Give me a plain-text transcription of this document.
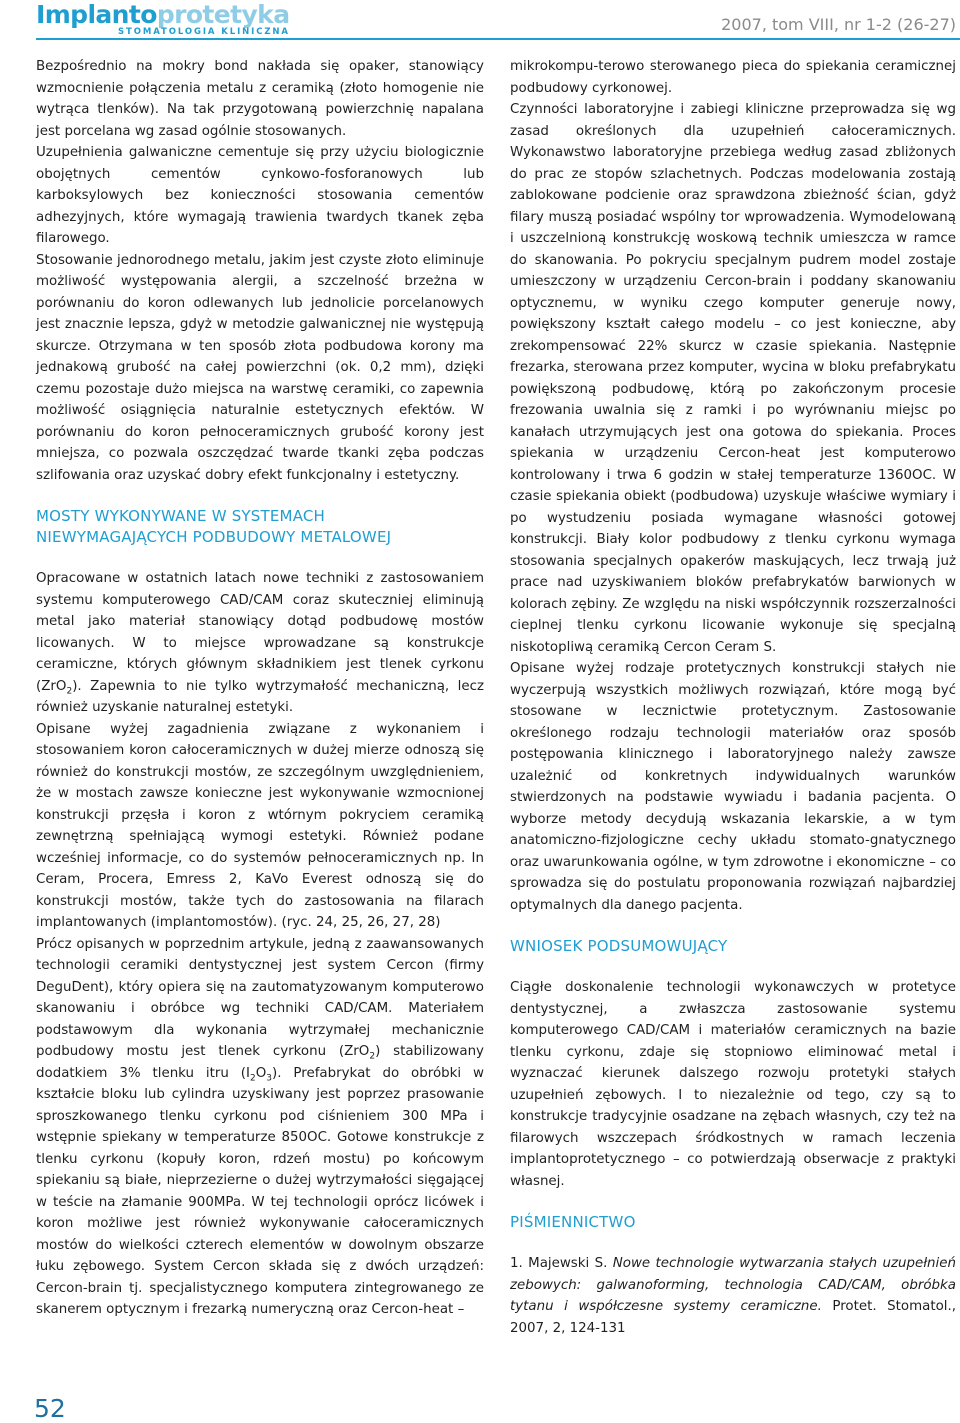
Implantoprotetyka
STOMATOLOGIA KLINICZNA	2007, tom VIII, nr 1-2 (26-27)

Bezpośrednio na mokry bond nakłada się opaker, stanowiący wzmocnienie połączenia metalu z ceramiką (złoto homogenie nie wytrąca tlenków). Na tak przygotowaną powierzchnię napalana jest porcelana wg zasad ogólnie stosowanych.

Uzupełnienia galwaniczne cementuje się przy użyciu biologicznie obojętnych cementów cynkowo-fosforanowych lub karboksylowych bez konieczności stosowania cementów adhezyjnych, które wymagają trawienia twardych tkanek zęba filarowego.

Stosowanie jednorodnego metalu, jakim jest czyste złoto eliminuje możliwość występowania alergii, a szczelność brzeżna w porównaniu do koron odlewanych lub jednolicie porcelanowych jest znacznie lepsza, gdyż w metodzie galwanicznej nie występują skurcze. Otrzymana w ten sposób złota podbudowa korony ma jednakową grubość na całej powierzchni (ok. 0,2 mm), dzięki czemu pozostaje dużo miejsca na warstwę ceramiki, co zapewnia możliwość osiągnięcia naturalnie estetycznych efektów. W porównaniu do koron pełnoceramicznych grubość korony jest mniejsza, co pozwala oszczędzać twarde tkanki zęba podczas szlifowania oraz uzyskać dobry efekt funkcjonalny i estetyczny.

MOSTY WYKONYWANE W SYSTEMACH
NIEWYMAGAJĄCYCH PODBUDOWY METALOWEJ

Opracowane w ostatnich latach nowe techniki z zastosowaniem systemu komputerowego CAD/CAM coraz skuteczniej eliminują metal jako materiał stanowiący dotąd podbudowę mostów licowanych. W to miejsce wprowadzane są konstrukcje ceramiczne, których głównym składnikiem jest tlenek cyrkonu (ZrO$_2$). Zapewnia to nie tylko wytrzymałość mechaniczną, lecz również uzyskanie naturalnej estetyki.

Opisane wyżej zagadnienia związane z wykonaniem i stosowaniem koron całoceramicznych w dużej mierze odnoszą się również do konstrukcji mostów, ze szczególnym uwzględnieniem, że w mostach zawsze konieczne jest wykonywanie wzmocnionej konstrukcji przęsła i koron z wtórnym pokryciem ceramiką zewnętrzną spełniającą wymogi estetyki. Również podane wcześniej informacje, co do systemów pełnoceramicznych np. In Ceram, Procera, Emress 2, KaVo Everest odnoszą się do konstrukcji mostów, także tych do zastosowania na filarach implantowanych (implantomostów). (ryc. 24, 25, 26, 27, 28)

Prócz opisanych w poprzednim artykule, jedną z zaawansowanych technologii ceramiki dentystycznej jest system Cercon (firmy DeguDent), który opiera się na zautomatyzowanym komputerowo skanowaniu i obróbce wg techniki CAD/CAM. Materiałem podstawowym dla wykonania wytrzymałej mechanicznie podbudowy mostu jest tlenek cyrkonu (ZrO$_2$) stabilizowany dodatkiem 3% tlenku itru $(I_2O_3)$. Prefabrykat do obróbki w kształcie bloku lub cylindra uzyskiwany jest poprzez prasowanie sproszkowanego tlenku cyrkonu pod ciśnieniem 300 MPa i wstępnie spiekany w temperaturze 850OC. Gotowe konstrukcje z tlenku cyrkonu (kopuły koron, rdzeń mostu) po końcowym spiekaniu są białe, nieprzezierne o dużej wytrzymałości sięgającej w teście na złamanie 900MPa. W tej technologii oprócz licówek i koron możliwe jest również wykonywanie całoceramicznych mostów do wielkości czterech elementów w dowolnym obszarze łuku zębowego. System Cercon składa się z dwóch urządzeń: Cercon-brain tj. specjalistycznego komputera zintegrowanego ze skanerem optycznym i frezarką numeryczną oraz Cercon-heat –

mikrokompu-terowo sterowanego pieca do spiekania ceramicznej podbudowy cyrkonowej.

Czynności laboratoryjne i zabiegi kliniczne przeprowadza się wg zasad określonych dla uzupełnień całoceramicznych. Wykonawstwo laboratoryjne przebiega według zasad zbliżonych do prac ze stopów szlachetnych. Podczas modelowania zostają zablokowane podcienie oraz sprawdzona zbieżność ścian, gdyż filary muszą posiadać wspólny tor wprowadzenia. Wymodelowaną i uszczelnioną konstrukcję woskową technik umieszcza w ramce do skanowania. Po pokryciu specjalnym pudrem model zostaje umieszczony w urządzeniu Cercon-brain i poddany skanowaniu optycznemu, w wyniku czego komputer generuje nowy, powiększony kształt całego modelu – co jest konieczne, aby zrekompensować 22% skurcz w czasie spiekania. Następnie frezarka, sterowana przez komputer, wycina w bloku prefabrykatu powiększoną podbudowę, którą po zakończonym procesie frezowania uwalnia się z ramki i po wyrównaniu miejsc po kanałach utrzymujących jest ona gotowa do spiekania. Proces spiekania w urządzeniu Cercon-heat jest komputerowo kontrolowany i trwa 6 godzin w stałej temperaturze 1360OC. W czasie spiekania obiekt (podbudowa) uzyskuje właściwe wymiary i po wystudzeniu posiada wymagane własności gotowej konstrukcji. Biały kolor podbudowy z tlenku cyrkonu wymaga stosowania specjalnych opakerów maskujących, lecz trwają już prace nad uzyskiwaniem bloków prefabrykatów barwionych w kolorach zębiny. Ze względu na niski współczynnik rozszerzalności cieplnej tlenku cyrkonu licowanie wykonuje się specjalną niskotopliwą ceramiką Cercon Ceram S.

Opisane wyżej rodzaje protetycznych konstrukcji stałych nie wyczerpują wszystkich możliwych rozwiązań, które mogą być stosowane w lecznictwie protetycznym. Zastosowanie określonego rodzaju technologii materiałów oraz sposób postępowania klinicznego i laboratoryjnego należy zawsze uzależnić od konkretnych indywidualnych warunków stwierdzonych na podstawie wywiadu i badania pacjenta. O wyborze metody decydują wskazania lekarskie, a w tym anatomiczno-fizjologiczne cechy układu stomato-gnatycznego oraz uwarunkowania ogólne, w tym zdrowotne i ekonomiczne – co sprowadza się do postulatu proponowania rozwiązań najbardziej optymalnych dla danego pacjenta.

WNIOSEK PODSUMOWUJĄCY

Ciągłe doskonalenie technologii wykonawczych w protetyce dentystycznej, a zwłaszcza zastosowanie systemu komputerowego CAD/CAM i materiałów ceramicznych na bazie tlenku cyrkonu, zdaje się stopniowo eliminować metal i wyznaczać kierunek dalszego rozwoju protetyki stałych uzupełnień zębowych. I to niezależnie od tego, czy są to konstrukcje tradycyjnie osadzane na zębach własnych, czy też na filarowych wszczepach śródkostnych w ramach leczenia implantoprotetycznego – co potwierdzają obserwacje z praktyki własnej.

PIŚMIENNICTWO

1. Majewski S. Nowe technologie wytwarzania stałych uzupełnień zebowych: galwanoforming, technologia CAD/CAM, obróbka tytanu i współczesne systemy ceramiczne. Protet. Stomatol., 2007, 2, 124-131

52
